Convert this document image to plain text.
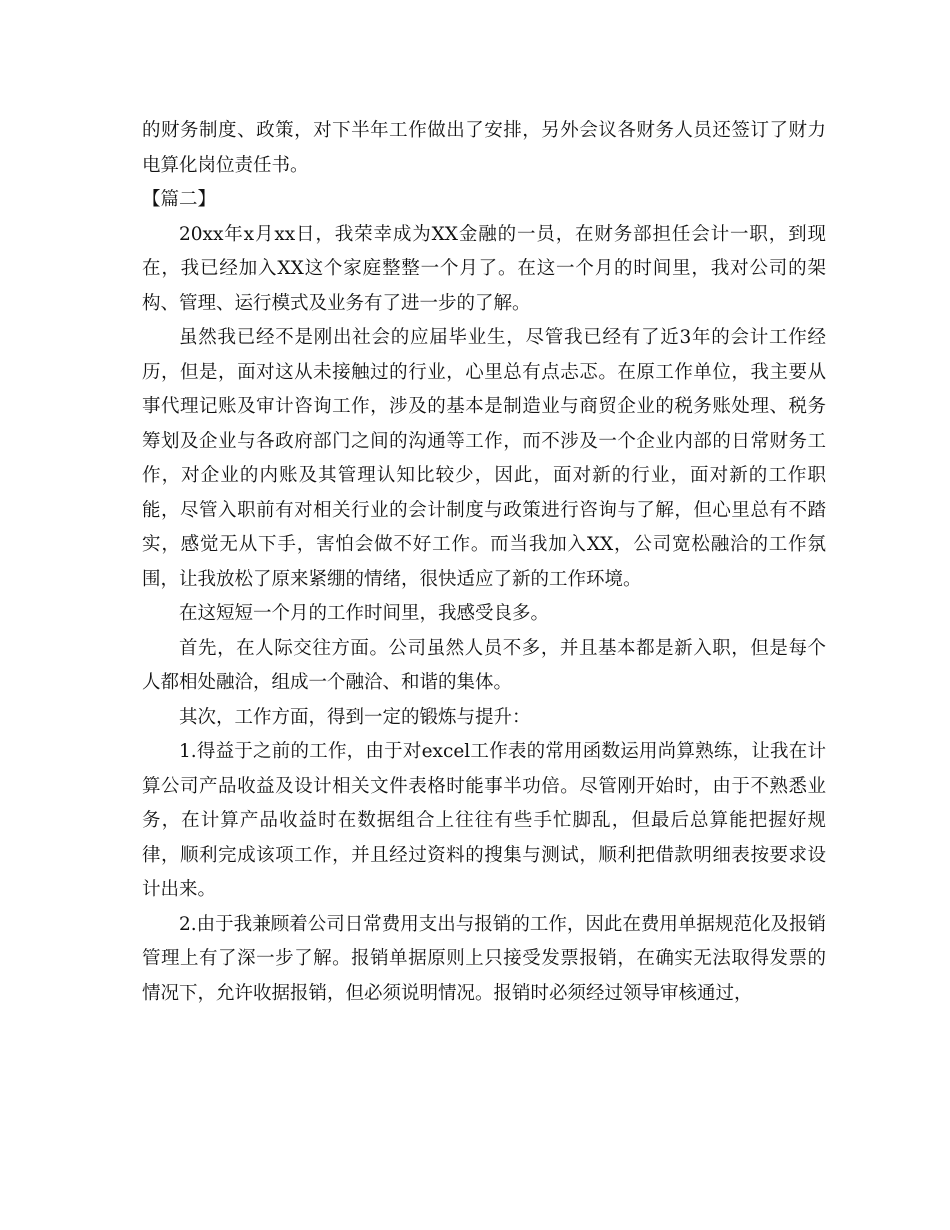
的财务制度、政策，对下半年工作做出了安排，另外会议各财务人员还签订了财力电算化岗位责任书。

【篇二】

20xx年x月xx日，我荣幸成为XX金融的一员，在财务部担任会计一职，到现在，我已经加入XX这个家庭整整一个月了。在这一个月的时间里，我对公司的架构、管理、运行模式及业务有了进一步的了解。

虽然我已经不是刚出社会的应届毕业生，尽管我已经有了近3年的会计工作经历，但是，面对这从未接触过的行业，心里总有点忐忑。在原工作单位，我主要从事代理记账及审计咨询工作，涉及的基本是制造业与商贸企业的税务账处理、税务筹划及企业与各政府部门之间的沟通等工作，而不涉及一个企业内部的日常财务工作，对企业的内账及其管理认知比较少，因此，面对新的行业，面对新的工作职能，尽管入职前有对相关行业的会计制度与政策进行咨询与了解，但心里总有不踏实，感觉无从下手，害怕会做不好工作。而当我加入XX，公司宽松融洽的工作氛围，让我放松了原来紧绷的情绪，很快适应了新的工作环境。

在这短短一个月的工作时间里，我感受良多。

首先，在人际交往方面。公司虽然人员不多，并且基本都是新入职，但是每个人都相处融洽，组成一个融洽、和谐的集体。

其次，工作方面，得到一定的锻炼与提升：

1.得益于之前的工作，由于对excel工作表的常用函数运用尚算熟练，让我在计算公司产品收益及设计相关文件表格时能事半功倍。尽管刚开始时，由于不熟悉业务，在计算产品收益时在数据组合上往往有些手忙脚乱，但最后总算能把握好规律，顺利完成该项工作，并且经过资料的搜集与测试，顺利把借款明细表按要求设计出来。

2.由于我兼顾着公司日常费用支出与报销的工作，因此在费用单据规范化及报销管理上有了深一步了解。报销单据原则上只接受发票报销，在确实无法取得发票的情况下，允许收据报销，但必须说明情况。报销时必须经过领导审核通过，
